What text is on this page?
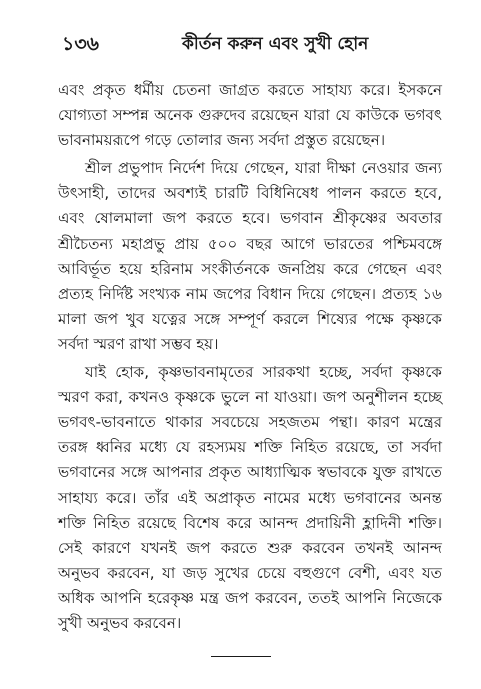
১৩৬	কীর্তন করুন এবং সুখী হোন

এবং প্রকৃত ধর্মীয় চেতনা জাগ্রত করতে সাহায্য করে। ইসকনে যোগ্যতা সম্পন্ন অনেক গুরুদেব রয়েছেন যারা যে কাউকে ভগবৎ ভাবনাময়রূপে গড়ে তোলার জন্য সর্বদা প্রস্তুত রয়েছেন।

শ্রীল প্রভুপাদ নির্দেশ দিয়ে গেছেন, যারা দীক্ষা নেওয়ার জন্য উৎসাহী, তাদের অবশ্যই চারটি বিধিনিষেধ পালন করতে হবে, এবং ষোলমালা জপ করতে হবে। ভগবান শ্রীকৃষ্ণের অবতার শ্রীচৈতন্য মহাপ্রভু প্রায় ৫০০ বছর আগে ভারতের পশ্চিমবঙ্গে আবির্ভূত হয়ে হরিনাম সংকীর্তনকে জনপ্রিয় করে গেছেন এবং প্রত্যহ নির্দিষ্ট সংখ্যক নাম জপের বিধান দিয়ে গেছেন। প্রত্যহ ১৬ মালা জপ খুব যত্নের সঙ্গে সম্পূর্ণ করলে শিষ্যের পক্ষে কৃষ্ণকে সর্বদা স্মরণ রাখা সম্ভব হয়।

যাই হোক, কৃষ্ণভাবনামৃতের সারকথা হচ্ছে, সর্বদা কৃষ্ণকে স্মরণ করা, কখনও কৃষ্ণকে ভুলে না যাওয়া। জপ অনুশীলন হচ্ছে ভগবৎ-ভাবনাতে থাকার সবচেয়ে সহজতম পন্থা। কারণ মন্ত্রের তরঙ্গ ধ্বনির মধ্যে যে রহস্যময় শক্তি নিহিত রয়েছে, তা সর্বদা ভগবানের সঙ্গে আপনার প্রকৃত আধ্যাত্মিক স্বভাবকে যুক্ত রাখতে সাহায্য করে। তাঁর এই অপ্রাকৃত নামের মধ্যে ভগবানের অনন্ত শক্তি নিহিত রয়েছে বিশেষ করে আনন্দ প্রদায়িনী হ্লাদিনী শক্তি। সেই কারণে যখনই জপ করতে শুরু করবেন তখনই আনন্দ অনুভব করবেন, যা জড় সুখের চেয়ে বহুগুণে বেশী, এবং যত অধিক আপনি হরেকৃষ্ণ মন্ত্র জপ করবেন, ততই আপনি নিজেকে সুখী অনুভব করবেন।
